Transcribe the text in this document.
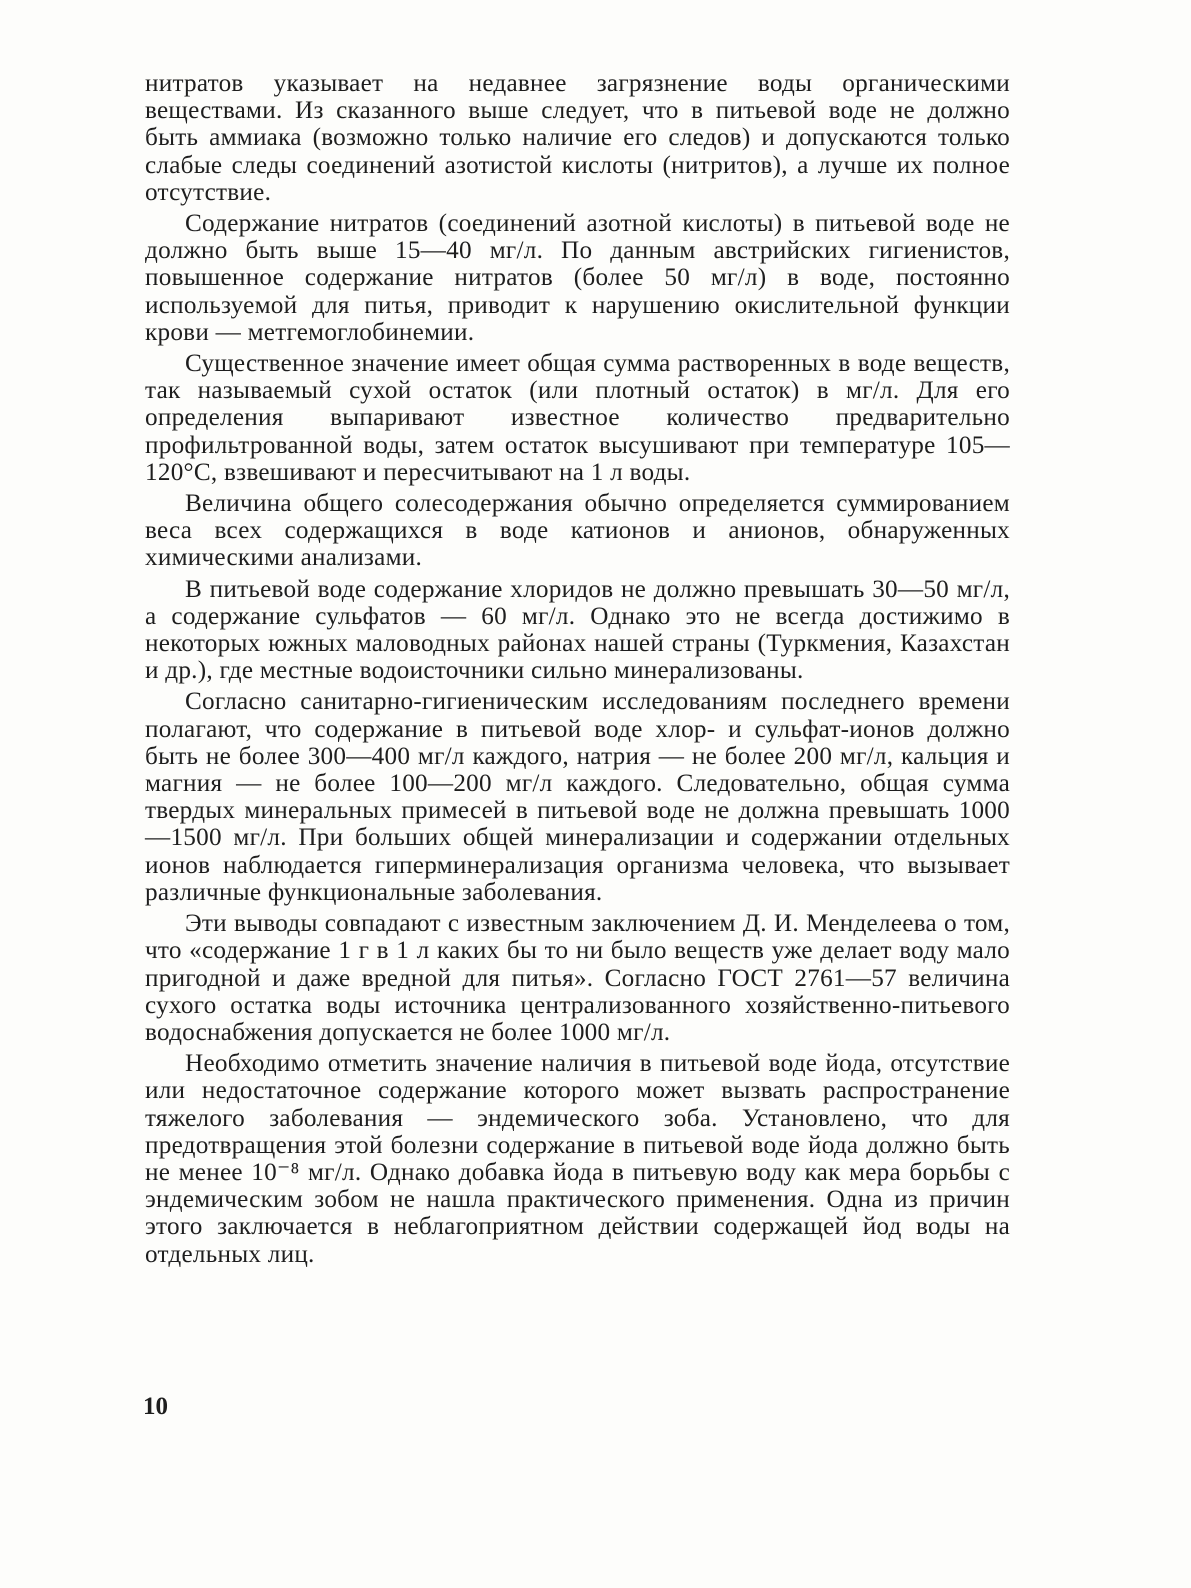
нитратов указывает на недавнее загрязнение воды органическими веществами. Из сказанного выше следует, что в питьевой воде не должно быть аммиака (возможно только наличие его следов) и допускаются только слабые следы соединений азотистой кислоты (нитритов), а лучше их полное отсутствие.

Содержание нитратов (соединений азотной кислоты) в питьевой воде не должно быть выше 15—40 мг/л. По данным австрийских гигиенистов, повышенное содержание нитратов (более 50 мг/л) в воде, постоянно используемой для питья, приводит к нарушению окислительной функции крови — метгемоглобинемии.

Существенное значение имеет общая сумма растворенных в воде веществ, так называемый сухой остаток (или плотный остаток) в мг/л. Для его определения выпаривают известное количество предварительно профильтрованной воды, затем остаток высушивают при температуре 105—120°С, взвешивают и пересчитывают на 1 л воды.

Величина общего солесодержания обычно определяется суммированием веса всех содержащихся в воде катионов и анионов, обнаруженных химическими анализами.

В питьевой воде содержание хлоридов не должно превышать 30—50 мг/л, а содержание сульфатов — 60 мг/л. Однако это не всегда достижимо в некоторых южных маловодных районах нашей страны (Туркмения, Казахстан и др.), где местные водоисточники сильно минерализованы.

Согласно санитарно-гигиеническим исследованиям последнего времени полагают, что содержание в питьевой воде хлор- и сульфат-ионов должно быть не более 300—400 мг/л каждого, натрия — не более 200 мг/л, кальция и магния — не более 100—200 мг/л каждого. Следовательно, общая сумма твердых минеральных примесей в питьевой воде не должна превышать 1000—1500 мг/л. При больших общей минерализации и содержании отдельных ионов наблюдается гиперминерализация организма человека, что вызывает различные функциональные заболевания.

Эти выводы совпадают с известным заключением Д. И. Менделеева о том, что «содержание 1 г в 1 л каких бы то ни было веществ уже делает воду мало пригодной и даже вредной для питья». Согласно ГОСТ 2761—57 величина сухого остатка воды источника централизованного хозяйственно-питьевого водоснабжения допускается не более 1000 мг/л.

Необходимо отметить значение наличия в питьевой воде йода, отсутствие или недостаточное содержание которого может вызвать распространение тяжелого заболевания — эндемического зоба. Установлено, что для предотвращения этой болезни содержание в питьевой воде йода должно быть не менее 10⁻⁸ мг/л. Однако добавка йода в питьевую воду как мера борьбы с эндемическим зобом не нашла практического применения. Одна из причин этого заключается в неблагоприятном действии содержащей йод воды на отдельных лиц.

10
